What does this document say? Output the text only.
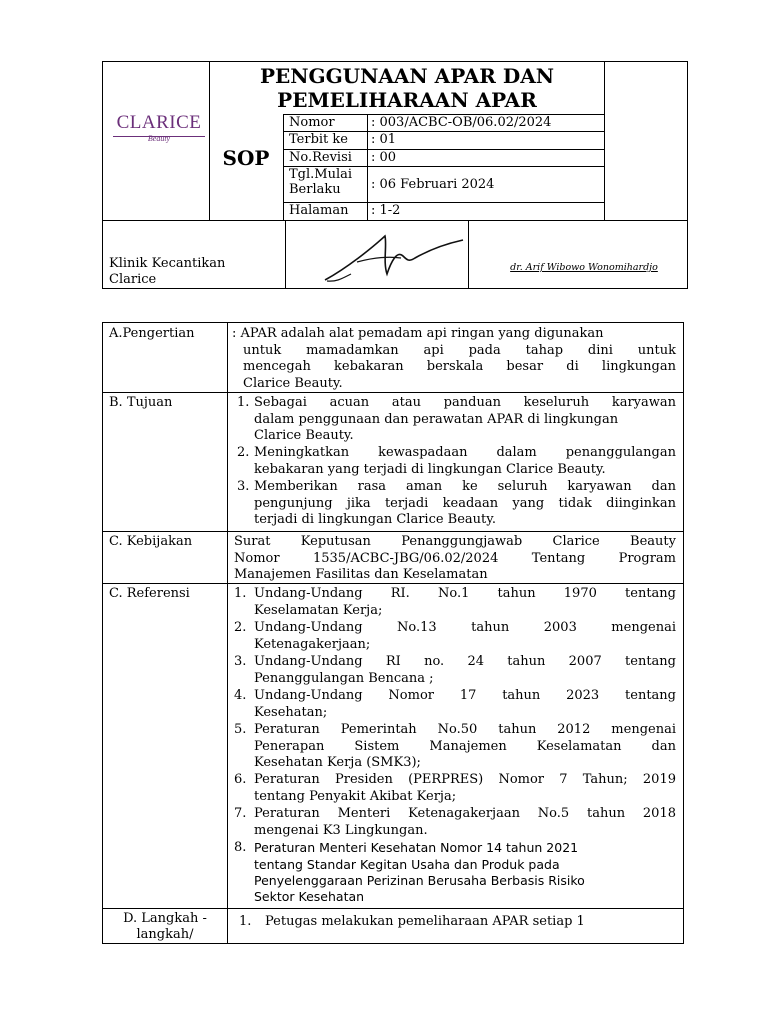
CLARICE
Beauty
PENGGUNAAN APAR DAN
PEMELIHARAAN APAR
SOP
Nomor	: 003/ACBC-OB/06.02/2024
Terbit ke : 01
No.Revisi : 00
Tgl.Mulai
Berlaku	: 06 Februari 2024
Halaman : 1-2
Klinik Kecantikan
Clarice
dr. Arif Wibowo Wonomihardjo
A.Pengertian	: APAR adalah alat pemadam api ringan yang digunakan
untuk mamadamkan api pada tahap dini untuk
mencegah kebakaran berskala besar di lingkungan
Clarice Beauty.
B. Tujuan	1. Sebagai acuan atau panduan keseluruh karyawan
dalam penggunaan dan perawatan APAR di lingkungan
Clarice Beauty.
2. Meningkatkan kewaspadaan dalam penanggulangan
kebakaran yang terjadi di lingkungan Clarice Beauty.
3. Memberikan rasa aman ke seluruh karyawan dan
pengunjung jika terjadi keadaan yang tidak diinginkan
terjadi di lingkungan Clarice Beauty.
C. Kebijakan	Surat Keputusan Penanggungjawab Clarice Beauty
Nomor 1535/ACBC-JBG/06.02/2024 Tentang Program
Manajemen Fasilitas dan Keselamatan
C. Referensi	1. Undang-Undang RI. No.1 tahun 1970 tentang
Keselamatan Kerja;
2. Undang-Undang No.13 tahun 2003 mengenai
Ketenagakerjaan;
3. Undang-Undang RI no. 24 tahun 2007 tentang
Penanggulangan Bencana ;
4. Undang-Undang Nomor 17 tahun 2023 tentang
Kesehatan;
5. Peraturan Pemerintah No.50 tahun 2012 mengenai
Penerapan Sistem Manajemen Keselamatan dan
Kesehatan Kerja (SMK3);
6. Peraturan Presiden (PERPRES) Nomor 7 Tahun; 2019
tentang Penyakit Akibat Kerja;
7. Peraturan Menteri Ketenagakerjaan No.5 tahun 2018
mengenai K3 Lingkungan.
8. Peraturan Menteri Kesehatan Nomor 14 tahun 2021
tentang Standar Kegitan Usaha dan Produk pada
Penyelenggaraan Perizinan Berusaha Berbasis Risiko
Sektor Kesehatan
D. Langkah -
langkah/
1. Petugas melakukan pemeliharaan APAR setiap 1
